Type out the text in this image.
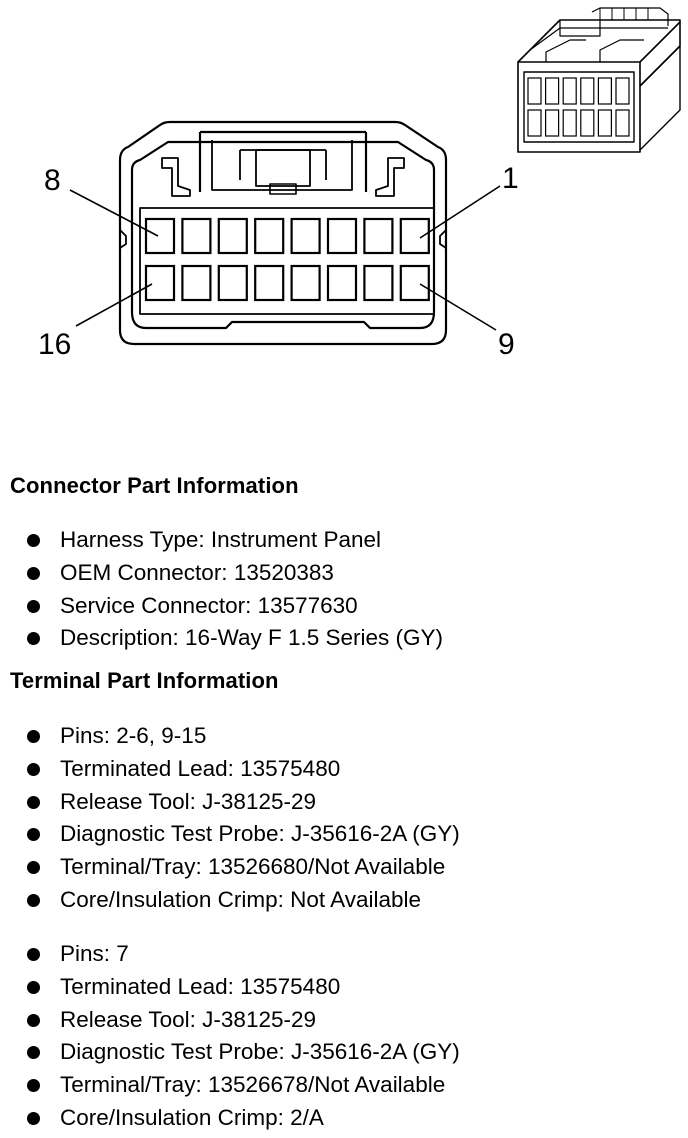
8	1
16	9
Connector Part Information
Harness Type: Instrument Panel
OEM Connector: 13520383
Service Connector: 13577630
Description: 16-Way F 1.5 Series (GY)
Terminal Part Information
Pins: 2-6, 9-15
Terminated Lead: 13575480
Release Tool: J-38125-29
Diagnostic Test Probe: J-35616-2A (GY)
Terminal/Tray: 13526680/Not Available
Core/Insulation Crimp: Not Available
Pins: 7
Terminated Lead: 13575480
Release Tool: J-38125-29
Diagnostic Test Probe: J-35616-2A (GY)
Terminal/Tray: 13526678/Not Available
Core/Insulation Crimp: 2/A
